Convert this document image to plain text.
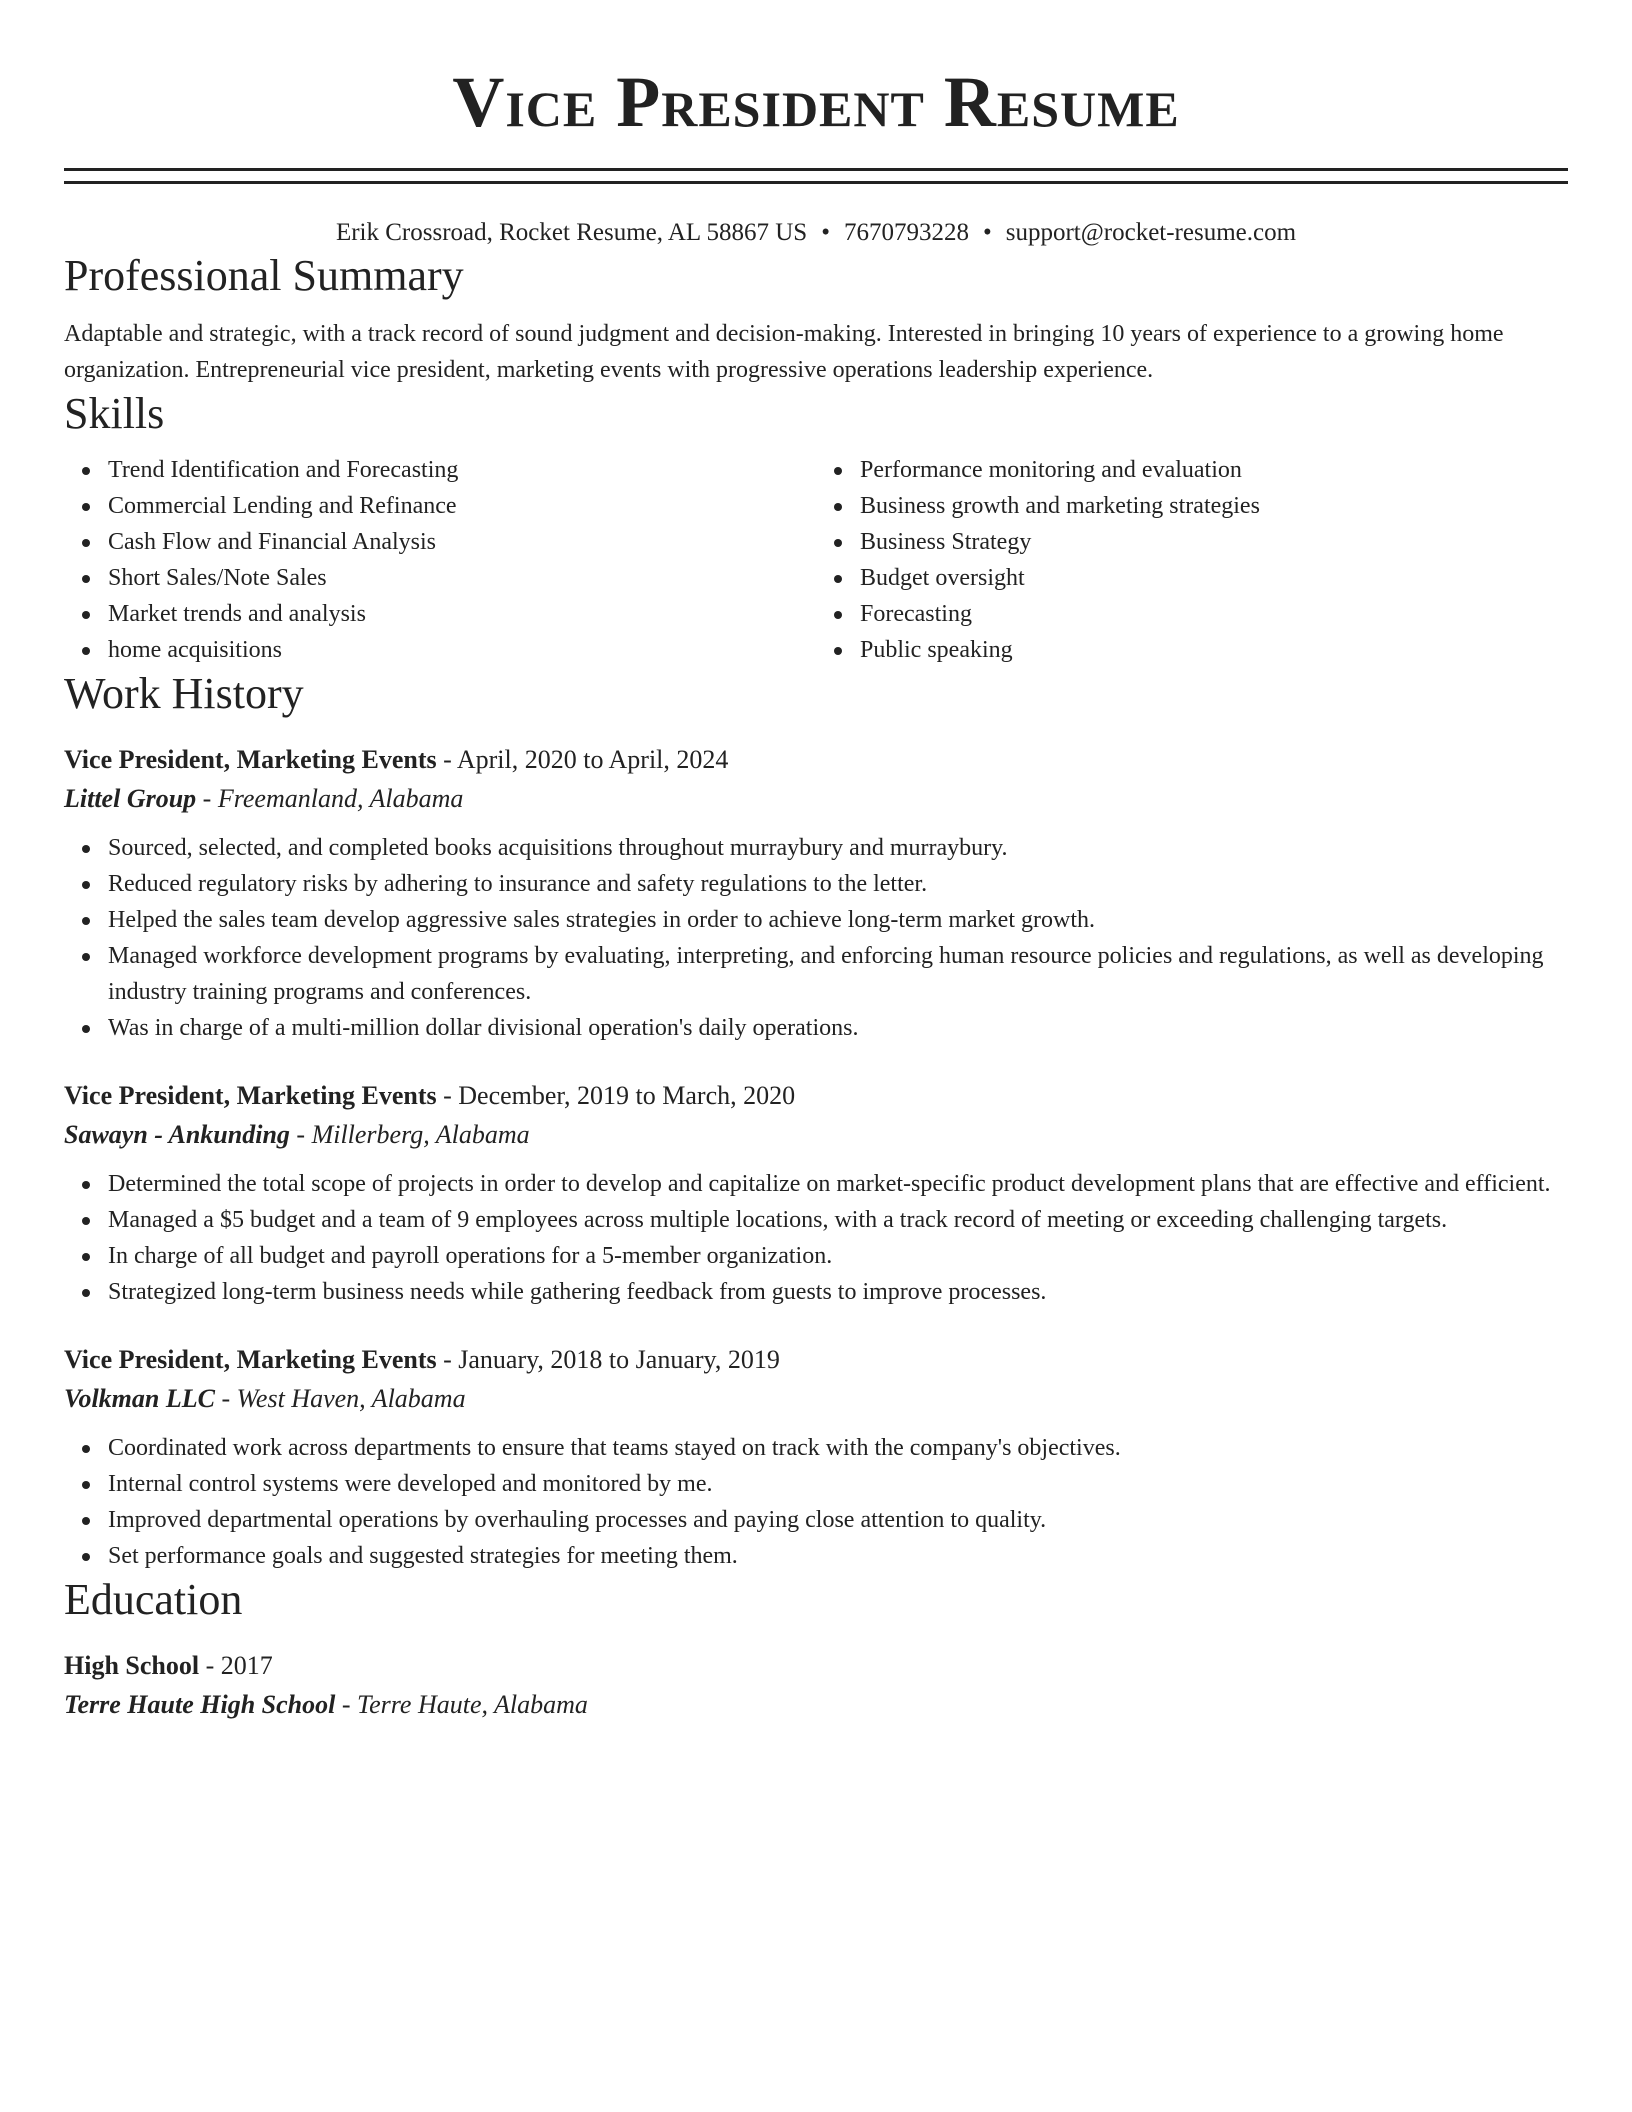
Vice President Resume
Erik Crossroad, Rocket Resume, AL 58867 US • 7670793228 • support@rocket-resume.com
Professional Summary

Adaptable and strategic, with a track record of sound judgment and decision-making. Interested in bringing 10 years of experience to a growing home organization. Entrepreneurial vice president, marketing events with progressive operations leadership experience.

Skills
Trend Identification and Forecasting
Commercial Lending and Refinance
Cash Flow and Financial Analysis
Short Sales/Note Sales
Market trends and analysis
home acquisitions
Performance monitoring and evaluation
Business growth and marketing strategies
Business Strategy
Budget oversight
Forecasting
Public speaking
Work History
Vice President, Marketing Events - April, 2020 to April, 2024
Littel Group - Freemanland, Alabama
Sourced, selected, and completed books acquisitions throughout murraybury and murraybury.
Reduced regulatory risks by adhering to insurance and safety regulations to the letter.
Helped the sales team develop aggressive sales strategies in order to achieve long-term market growth.
Managed workforce development programs by evaluating, interpreting, and enforcing human resource policies and regulations, as well as developing industry training programs and conferences.
Was in charge of a multi-million dollar divisional operation's daily operations.
Vice President, Marketing Events - December, 2019 to March, 2020
Sawayn - Ankunding - Millerberg, Alabama
Determined the total scope of projects in order to develop and capitalize on market-specific product development plans that are effective and efficient.
Managed a $5 budget and a team of 9 employees across multiple locations, with a track record of meeting or exceeding challenging targets.
In charge of all budget and payroll operations for a 5-member organization.
Strategized long-term business needs while gathering feedback from guests to improve processes.
Vice President, Marketing Events - January, 2018 to January, 2019
Volkman LLC - West Haven, Alabama
Coordinated work across departments to ensure that teams stayed on track with the company's objectives.
Internal control systems were developed and monitored by me.
Improved departmental operations by overhauling processes and paying close attention to quality.
Set performance goals and suggested strategies for meeting them.
Education
High School - 2017
Terre Haute High School - Terre Haute, Alabama
